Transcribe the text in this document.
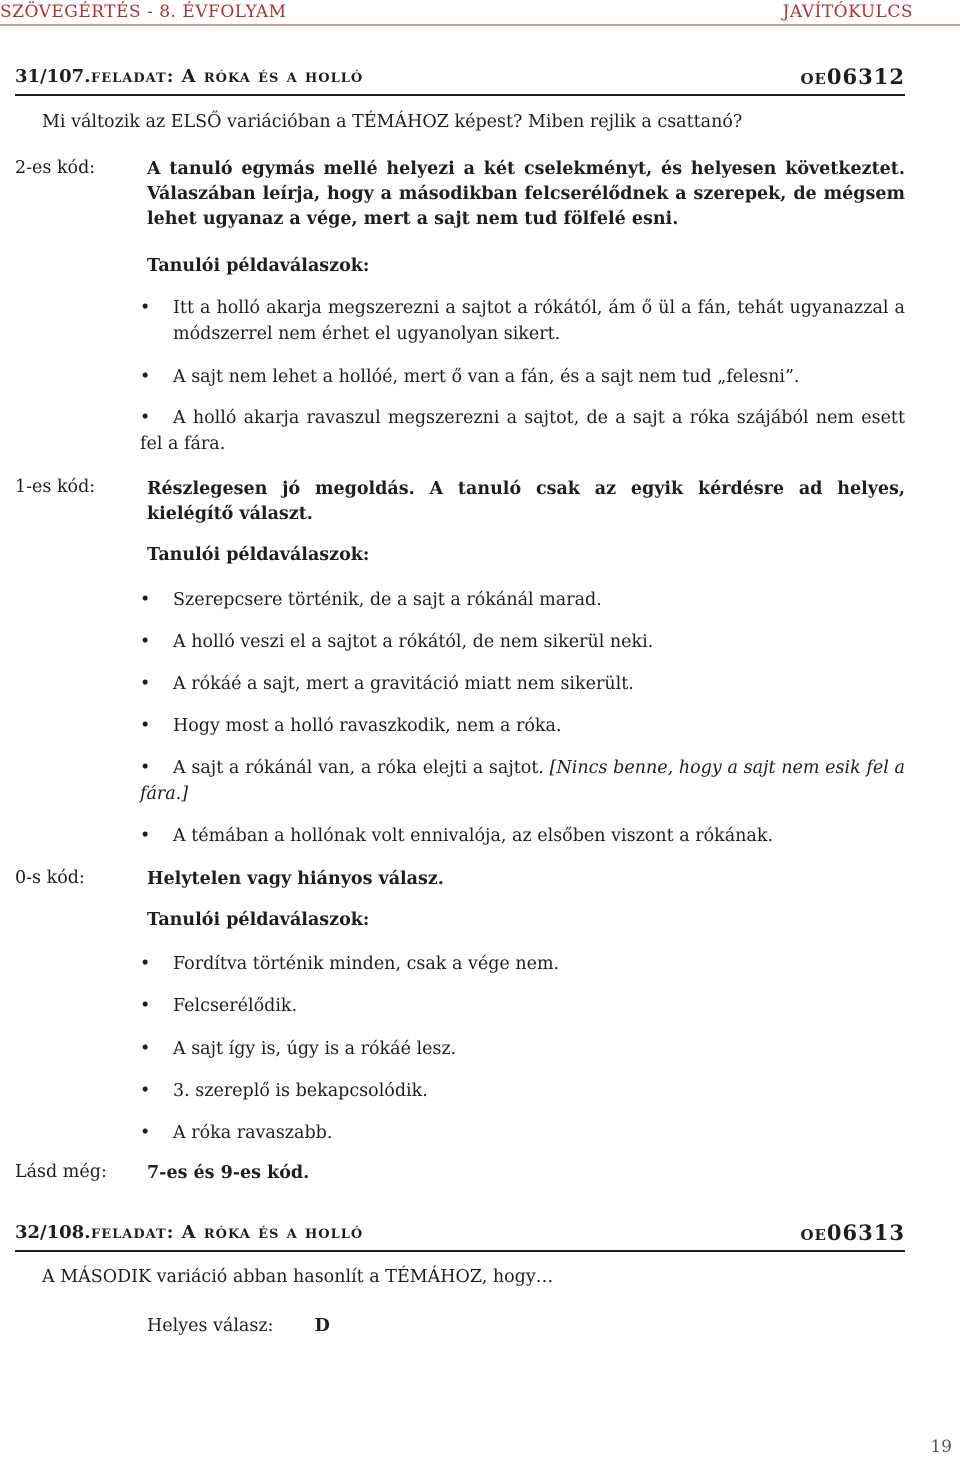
SZÖVEGÉRTÉS - 8. ÉVFOLYAM	JAVÍTÓKULCS
31/107. feladat: A róka és a holló	oe06312
Mi változik az ELSŐ variációban a TÉMÁHOZ képest? Miben rejlik a csattanó?
2-es kód:	A tanuló egymás mellé helyezi a két cselekményt, és helyesen következtet. Válaszában leírja, hogy a másodikban felcserélődnek a szerepek, de mégsem lehet ugyanaz a vége, mert a sajt nem tud fölfelé esni.
Tanulói példaválaszok:
•	Itt a holló akarja megszerezni a sajtot a rókától, ám ő ül a fán, tehát ugyanazzal a módszerrel nem érhet el ugyanolyan sikert.
•	A sajt nem lehet a hollóé, mert ő van a fán, és a sajt nem tud „felesni”.
•	A holló akarja ravaszul megszerezni a sajtot, de a sajt a róka szájából nem esett fel a fára.
1-es kód:	Részlegesen jó megoldás. A tanuló csak az egyik kérdésre ad helyes, kielégítő választ.
Tanulói példaválaszok:
•	Szerepcsere történik, de a sajt a rókánál marad.
•	A holló veszi el a sajtot a rókától, de nem sikerül neki.
•	A rókáé a sajt, mert a gravitáció miatt nem sikerült.
•	Hogy most a holló ravaszkodik, nem a róka.
•	A sajt a rókánál van, a róka elejti a sajtot. [Nincs benne, hogy a sajt nem esik fel a fára.]
•	A témában a hollónak volt ennivalója, az elsőben viszont a rókának.
0-s kód:	Helytelen vagy hiányos válasz.
Tanulói példaválaszok:
•	Fordítva történik minden, csak a vége nem.
•	Felcserélődik.
•	A sajt így is, úgy is a rókáé lesz.
•	3. szereplő is bekapcsolódik.
•	A róka ravaszabb.
Lásd még: 7-es és 9-es kód.
32/108. feladat: A róka és a holló	oe06313
A MÁSODIK variáció abban hasonlít a TÉMÁHOZ, hogy…
Helyes válasz: D
19
